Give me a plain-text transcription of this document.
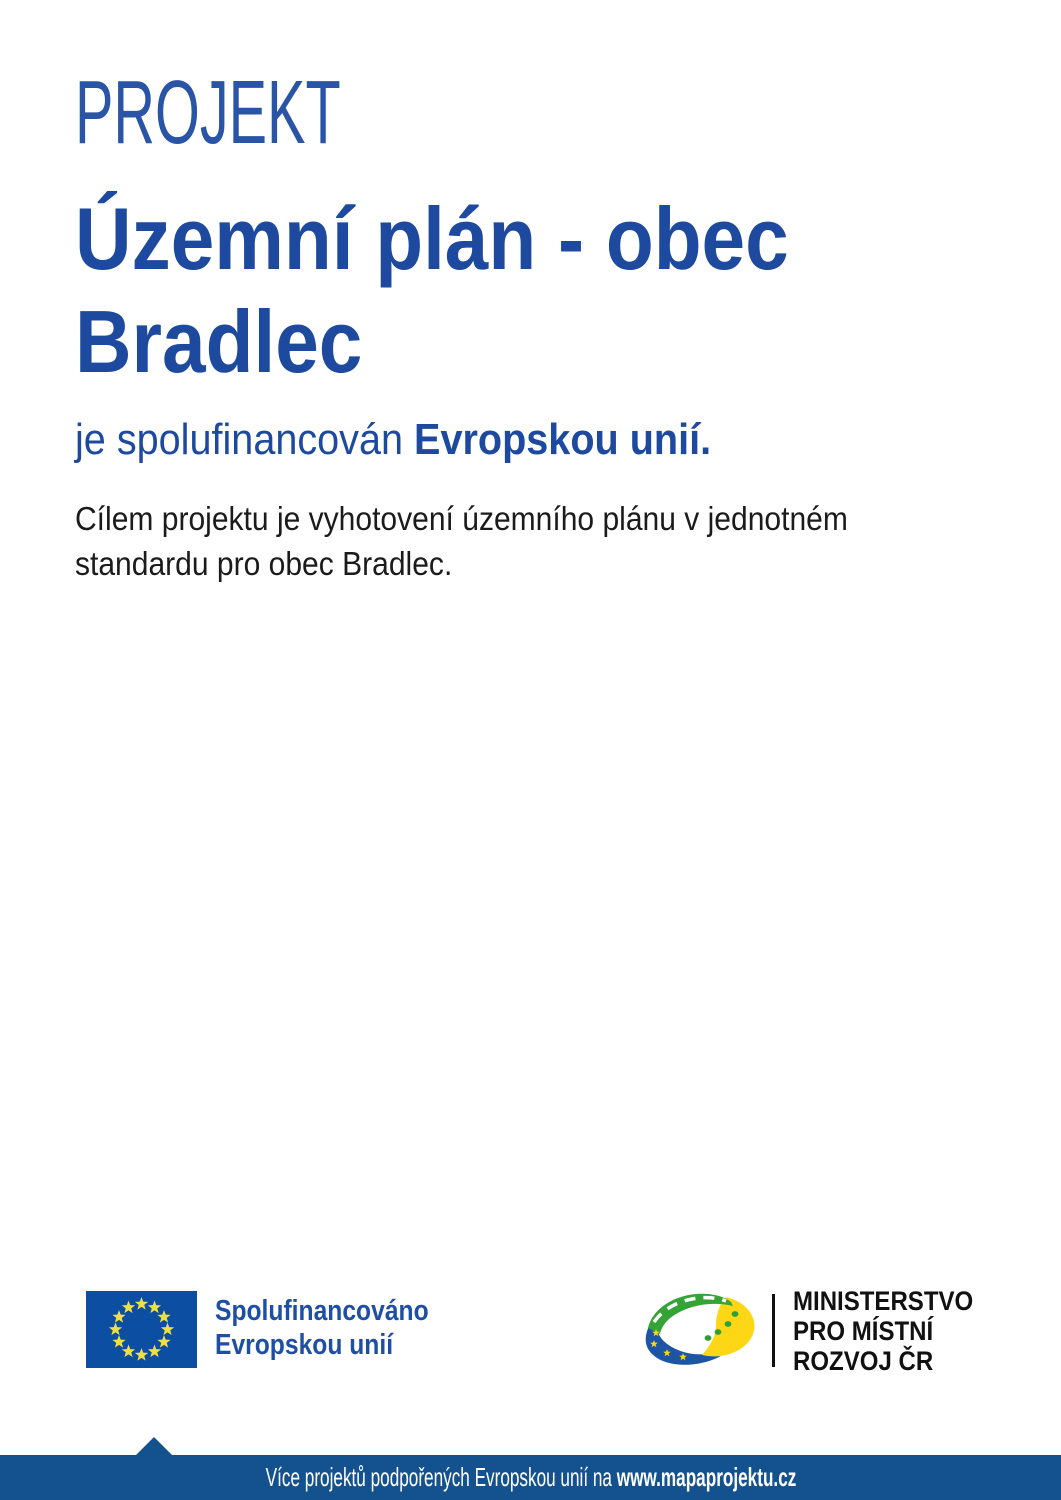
PROJEKT
Územní plán - obec
Bradlec
je spolufinancován Evropskou unií.
Cílem projektu je vyhotovení územního plánu v jednotném
standardu pro obec Bradlec.
Spolufinancováno
Evropskou unií
MINISTERSTVO
PRO MÍSTNÍ
ROZVOJ ČR
Více projektů podpořených Evropskou unií na www.mapaprojektu.cz
